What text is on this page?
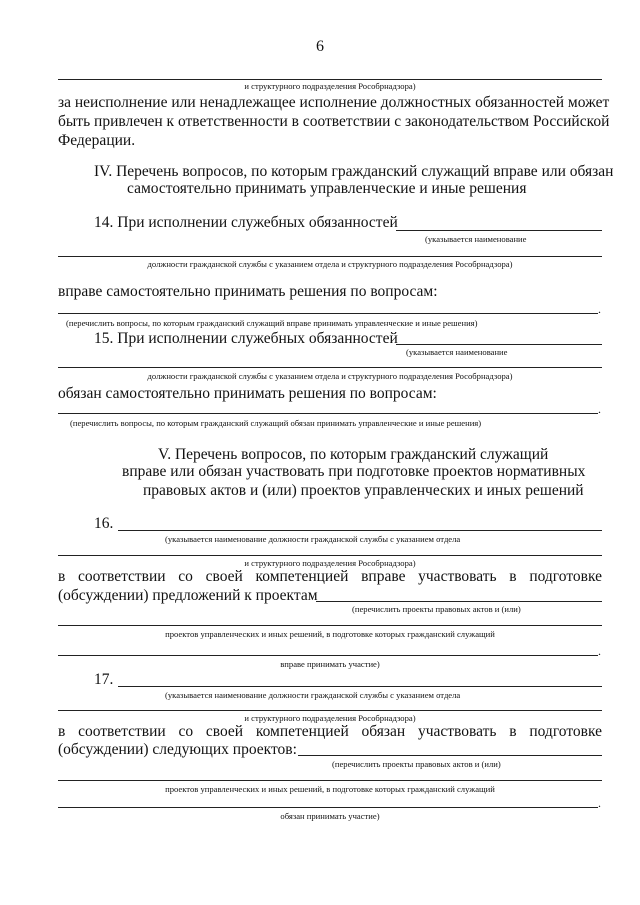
6
и структурного подразделения Рособрнадзора)
за неисполнение или ненадлежащее исполнение должностных обязанностей может
быть привлечен к ответственности в соответствии с законодательством Российской
Федерации.
IV. Перечень вопросов, по которым гражданский служащий вправе или обязан
самостоятельно принимать управленческие и иные решения
14. При исполнении служебных обязанностей
(указывается наименование
должности гражданской службы с указанием отдела и структурного подразделения Рособрнадзора)
вправе самостоятельно принимать решения по вопросам:
.
(перечислить вопросы, по которым гражданский служащий вправе принимать управленческие и иные решения)
15. При исполнении служебных обязанностей
(указывается наименование
должности гражданской службы с указанием отдела и структурного подразделения Рособрнадзора)
обязан самостоятельно принимать решения по вопросам:
.
(перечислить вопросы, по которым гражданский служащий обязан принимать управленческие и иные решения)
V. Перечень вопросов, по которым гражданский служащий
вправе или обязан участвовать при подготовке проектов нормативных
правовых актов и (или) проектов управленческих и иных решений
16.
(указывается наименование должности гражданской службы с указанием отдела
и структурного подразделения Рособрнадзора)
в соответствии со своей компетенцией вправе участвовать в подготовке
(обсуждении) предложений к проектам
(перечислить проекты правовых актов и (или)
проектов управленческих и иных решений, в подготовке которых гражданский служащий
.
вправе принимать участие)
17.
(указывается наименование должности гражданской службы с указанием отдела
и структурного подразделения Рособрнадзора)
в соответствии со своей компетенцией обязан участвовать в подготовке
(обсуждении) следующих проектов:
(перечислить проекты правовых актов и (или)
проектов управленческих и иных решений, в подготовке которых гражданский служащий
.
обязан принимать участие)
